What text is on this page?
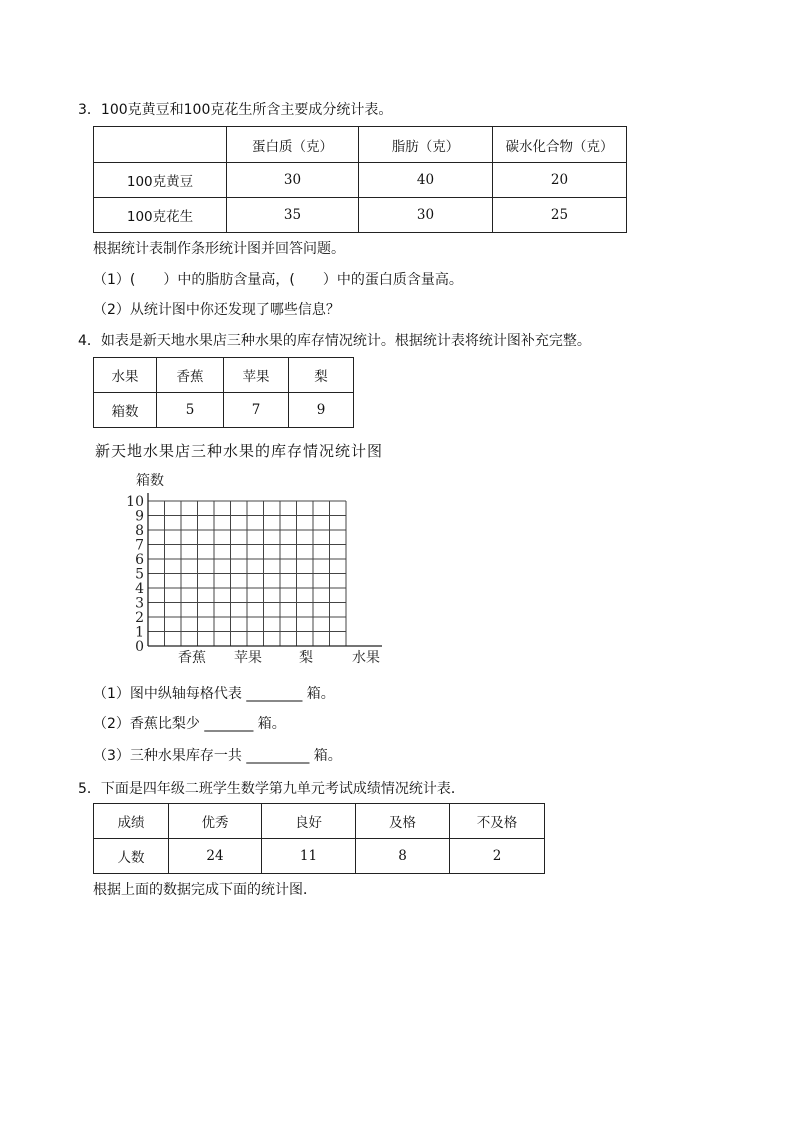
3．100克黄豆和100克花生所含主要成分统计表。
	蛋白质（克）	脂肪（克）	碳水化合物（克）
100克黄豆	30	40	20
100克花生	35	30	25
根据统计表制作条形统计图并回答问题。
（1）(　　）中的脂肪含量高，(　　）中的蛋白质含量高。
（2）从统计图中你还发现了哪些信息？
4．如表是新天地水果店三种水果的库存情况统计。根据统计表将统计图补充完整。
水果	香蕉	苹果	梨
箱数	5	7	9
新天地水果店三种水果的库存情况统计图
0
1
2
3
4
5
6
7
8
9
10
箱数
香蕉 苹果	梨	水果
（1）图中纵轴每格代表 ________ 箱。
（2）香蕉比梨少 _______ 箱。
（3）三种水果库存一共 _________ 箱。
5．下面是四年级二班学生数学第九单元考试成绩情况统计表．
成绩	优秀	良好	及格	不及格
人数	24	11	8	2
根据上面的数据完成下面的统计图．
